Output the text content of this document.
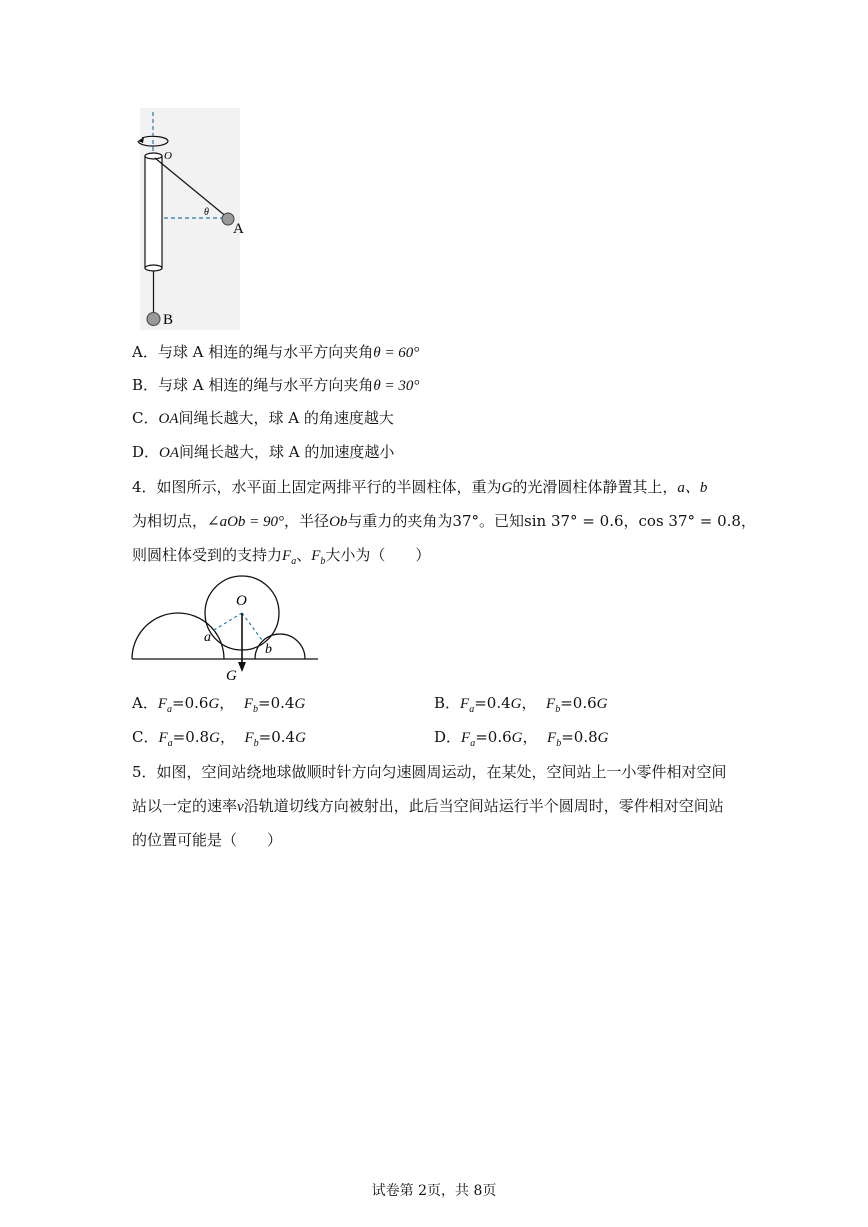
O
θ
A
B
A．与球 A 相连的绳与水平方向夹角θ = 60°
B．与球 A 相连的绳与水平方向夹角θ = 30°
C．OA间绳长越大，球 A 的角速度越大
D．OA间绳长越大，球 A 的加速度越小
4．如图所示，水平面上固定两排平行的半圆柱体，重为G的光滑圆柱体静置其上，a、b
为相切点，∠aOb = 90°，半径Ob与重力的夹角为37°。已知sin 37° = 0.6，cos 37° = 0.8，
则圆柱体受到的支持力$F_a$、$F_b$大小为（　　）
O
a
b
G
A．$F_a=0.6G$， $F_b=0.4G$	B．$F_a=0.4G$， $F_b=0.6G$
C．$F_a=0.8G$， $F_b=0.4G$	D．$F_a=0.6G$， $F_b=0.8G$
5．如图，空间站绕地球做顺时针方向匀速圆周运动，在某处，空间站上一小零件相对空间
站以一定的速率v沿轨道切线方向被射出，此后当空间站运行半个圆周时，零件相对空间站
的位置可能是（　　）
试卷第 2页，共 8页
